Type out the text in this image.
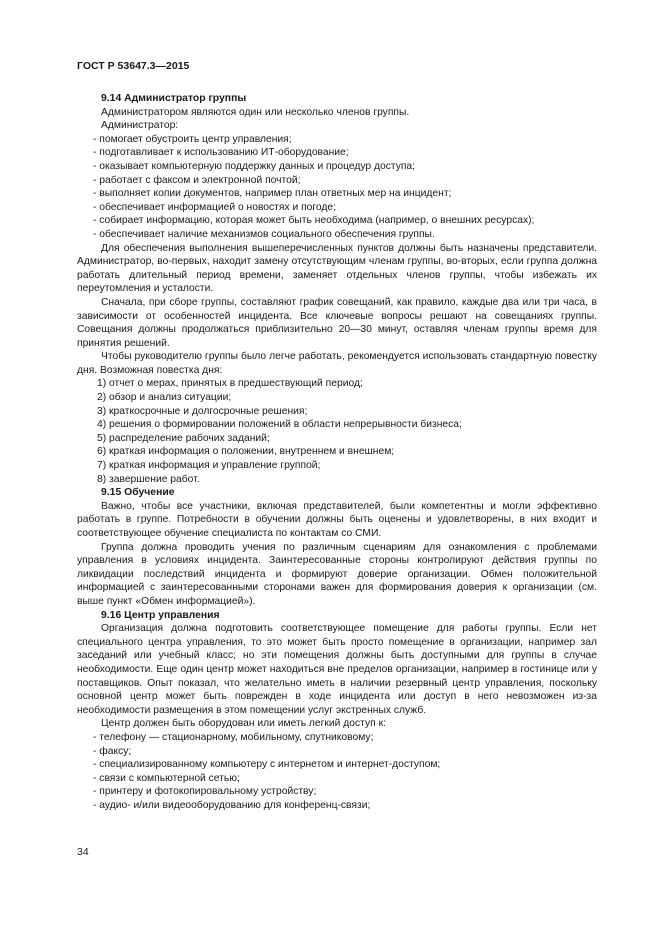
ГОСТ Р 53647.3—2015

9.14 Администратор группы

Администратором являются один или несколько членов группы.

Администратор:

- помогает обустроить центр управления;

- подготавливает к использованию ИТ-оборудование;

- оказывает компьютерную поддержку данных и процедур доступа;

- работает с факсом и электронной почтой;

- выполняет копии документов, например план ответных мер на инцидент;

- обеспечивает информацией о новостях и погоде;

- собирает информацию, которая может быть необходима (например, о внешних ресурсах);

- обеспечивает наличие механизмов социального обеспечения группы.

Для обеспечения выполнения вышеперечисленных пунктов должны быть назначены представители. Администратор, во-первых, находит замену отсутствующим членам группы, во-вторых, если группа должна работать длительный период времени, заменяет отдельных членов группы, чтобы избежать их переутомления и усталости.

Сначала, при сборе группы, составляют график совещаний, как правило, каждые два или три часа, в зависимости от особенностей инцидента. Все ключевые вопросы решают на совещаниях группы. Совещания должны продолжаться приблизительно 20—30 минут, оставляя членам группы время для принятия решений.

Чтобы руководителю группы было легче работать, рекомендуется использовать стандартную повестку дня. Возможная повестка дня:

1) отчет о мерах, принятых в предшествующий период;

2) обзор и анализ ситуации;

3) краткосрочные и долгосрочные решения;

4) решения о формировании положений в области непрерывности бизнеса;

5) распределение рабочих заданий;

6) краткая информация о положении, внутреннем и внешнем;

7) краткая информация и управление группой;

8) завершение работ.

9.15 Обучение

Важно, чтобы все участники, включая представителей, были компетентны и могли эффективно работать в группе. Потребности в обучении должны быть оценены и удовлетворены, в них входит и соответствующее обучение специалиста по контактам со СМИ.

Группа должна проводить учения по различным сценариям для ознакомления с проблемами управления в условиях инцидента. Заинтересованные стороны контролируют действия группы по ликвидации последствий инцидента и формируют доверие организации. Обмен положительной информацией с заинтересованными сторонами важен для формирования доверия к организации (см. выше пункт «Обмен информацией»).

9.16 Центр управления

Организация должна подготовить соответствующее помещение для работы группы. Если нет специального центра управления, то это может быть просто помещение в организации, например зал заседаний или учебный класс; но эти помещения должны быть доступными для группы в случае необходимости. Еще один центр может находиться вне пределов организации, например в гостинице или у поставщиков. Опыт показал, что желательно иметь в наличии резервный центр управления, поскольку основной центр может быть поврежден в ходе инцидента или доступ в него невозможен из-за необходимости размещения в этом помещении услуг экстренных служб.

Центр должен быть оборудован или иметь легкий доступ к:

- телефону — стационарному, мобильному, спутниковому;

- факсу;

- специализированному компьютеру с интернетом и интернет-доступом;

- связи с компьютерной сетью;

- принтеру и фотокопировальному устройству;

- аудио- и/или видеооборудованию для конференц-связи;

34
